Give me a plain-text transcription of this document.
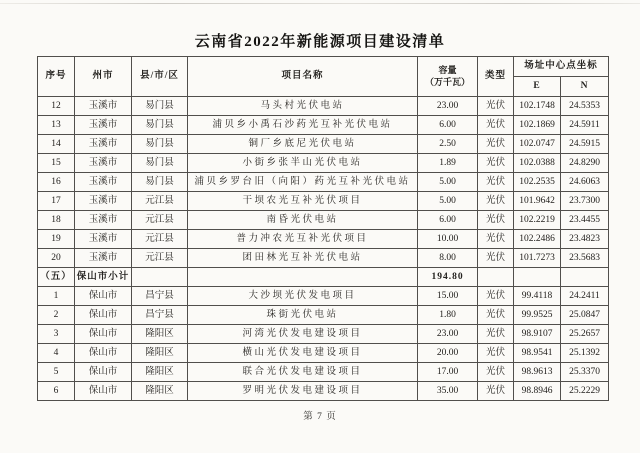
云南省2022年新能源项目建设清单
序号	州市	县/市/区	项目名称	容量
（万千瓦）	类型	场址中心点坐标	
						E	N
12	玉溪市	易门县	马头村光伏电站	23.00	光伏	102.1748	24.5353
13	玉溪市	易门县	浦贝乡小禹石沙药光互补光伏电站	6.00	光伏	102.1869	24.5911
14	玉溪市	易门县	铜厂乡底尼光伏电站	2.50	光伏	102.0747	24.5915
15	玉溪市	易门县	小街乡张半山光伏电站	1.89	光伏	102.0388	24.8290
16	玉溪市	易门县	浦贝乡罗台旧（向阳）药光互补光伏电站	5.00	光伏	102.2535	24.6063
17	玉溪市	元江县	干坝农光互补光伏项目	5.00	光伏	101.9642	23.7300
18	玉溪市	元江县	南昏光伏电站	6.00	光伏	102.2219	23.4455
19	玉溪市	元江县	普力冲农光互补光伏项目	10.00	光伏	102.2486	23.4823
20	玉溪市	元江县	团田林光互补光伏电站	8.00	光伏	101.7273	23.5683
（五）	保山市小计			194.80			
1	保山市	昌宁县	大沙坝光伏发电项目	15.00	光伏	99.4118	24.2411
2	保山市	昌宁县	珠街光伏电站	1.80	光伏	99.9525	25.0847
3	保山市	隆阳区	河湾光伏发电建设项目	23.00	光伏	98.9107	25.2657
4	保山市	隆阳区	横山光伏发电建设项目	20.00	光伏	98.9541	25.1392
5	保山市	隆阳区	联合光伏发电建设项目	17.00	光伏	98.9613	25.3370
6	保山市	隆阳区	罗明光伏发电建设项目	35.00	光伏	98.8946	25.2229
第 7 页
